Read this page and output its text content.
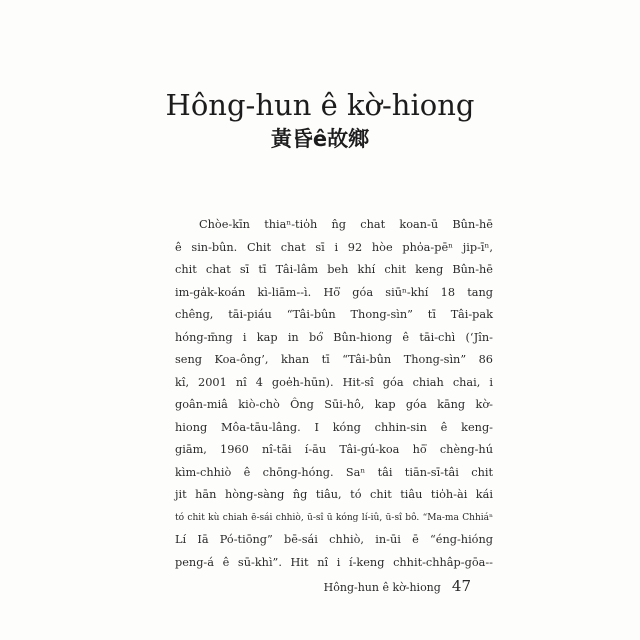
Hông-hun ê kờ-hiong
黃昏ê故鄉
Chòe-kīn thiaⁿ-tio̍h n̂g chat koan-ū Bûn-hē
ê sin-bûn. Chit chat sī i 92 hòe pho̍a-pēⁿ jip-īⁿ,
chit chat sī tī Tâi-lâm beh khí chit keng Bûn-hē
im-ga̍k-koán kì-liām--ì. Hō͘ góa siūⁿ-khí 18 tang
chêng, tāi-piáu “Tâi-bûn Thong-sìn” tī Tâi-pak
hóng-m̄ng i kap in bó͘ Bûn-hiong ê tāi-chì (‘Jîn-
seng Koa-ông’, khan tī “Tâi-bûn Thong-sìn” 86
kî, 2001 nî 4 goe̍h-hūn). Hit-sî góa chiah chai, i
goân-miâ kiò-chò Ông Sūi-hô, kap góa kāng kờ-
hiong Môa-tāu-lâng. I kóng chhin-sin ê keng-
giām, 1960 nî-tāi í-āu Tâi-gú-koa hō͘ chèng-hú
kìm-chhiò ê chōng-hóng. Saⁿ tâi tiān-sī-tâi chit
jit hān hòng-sàng n̂g tiâu, tó chit tiâu tio̍h-ài kái
tó chit kù chiah ē-sái chhiò, ū-sî ū kóng lí-iû, ū-sî bô. “Ma-ma Chhiáⁿ
Lí Iā Pó-tiōng” bē-sái chhiò, in-ūi ē “éng-hióng
peng-á ê sū-khì”. Hit nî i í-keng chhit-chhâp-gōa--
Hông-hun ê kờ-hiong 47
